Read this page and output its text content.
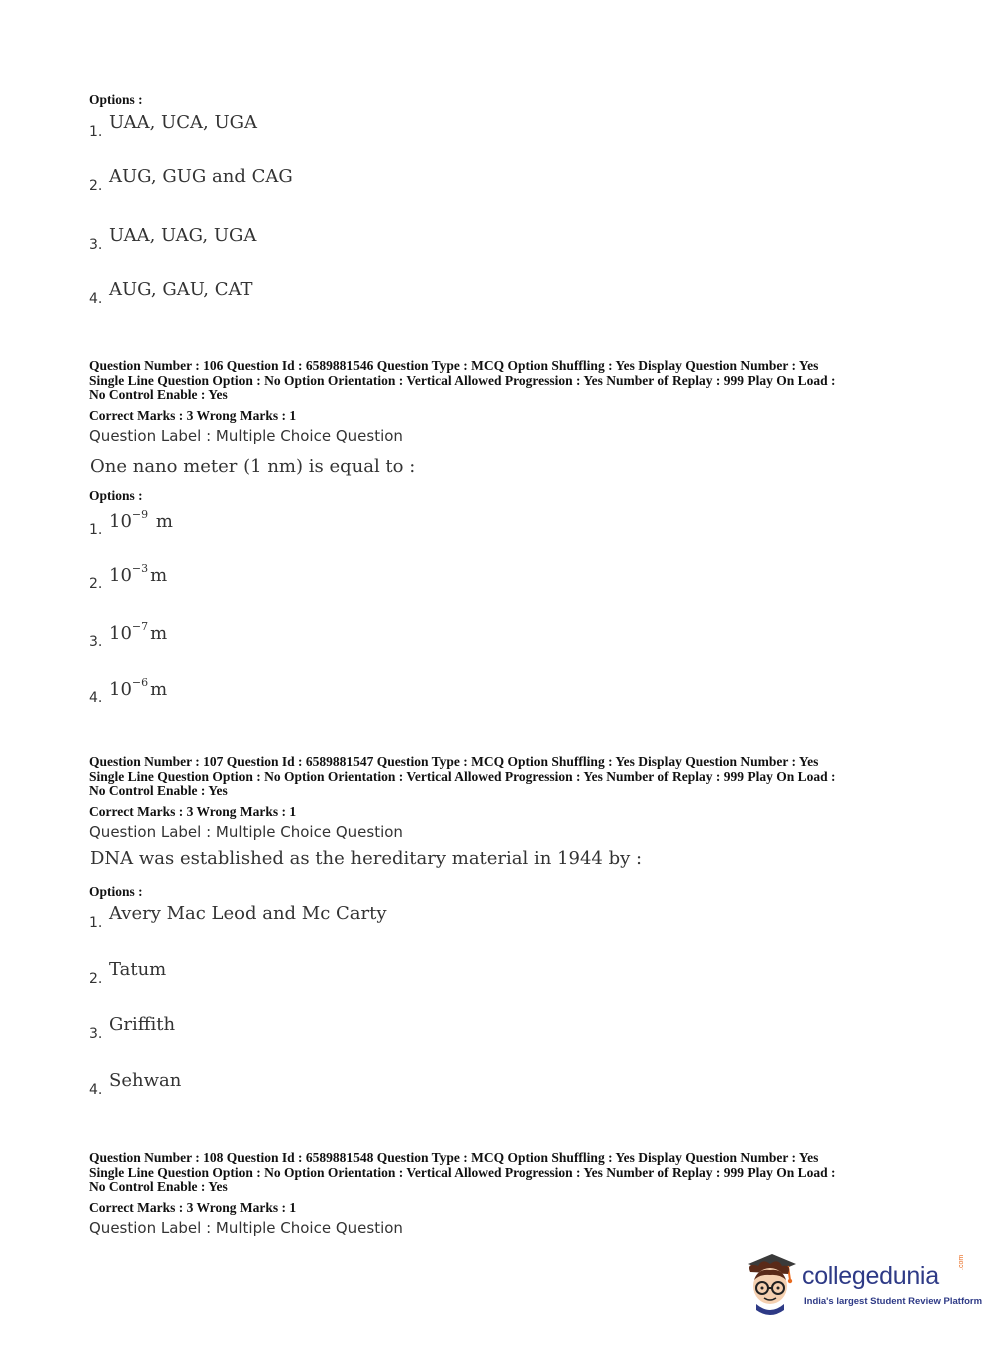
Options :
1. UAA, UCA, UGA
2. AUG, GUG and CAG
3. UAA, UAG, UGA
4. AUG, GAU, CAT
Question Number : 106 Question Id : 6589881546 Question Type : MCQ Option Shuffling : Yes Display Question Number : Yes
Single Line Question Option : No Option Orientation : Vertical Allowed Progression : Yes Number of Replay : 999 Play On Load :
No Control Enable : Yes
Correct Marks : 3 Wrong Marks : 1
Question Label : Multiple Choice Question
One nano meter (1 nm) is equal to :
Options :
1. $10^{-9}$ m
2. $10^{-3}$ m
3. $10^{-7}$ m
4. $10^{-6}$ m
Question Number : 107 Question Id : 6589881547 Question Type : MCQ Option Shuffling : Yes Display Question Number : Yes
Single Line Question Option : No Option Orientation : Vertical Allowed Progression : Yes Number of Replay : 999 Play On Load :
No Control Enable : Yes
Correct Marks : 3 Wrong Marks : 1
Question Label : Multiple Choice Question
DNA was established as the hereditary material in 1944 by :
Options :
1. Avery Mac Leod and Mc Carty
2. Tatum
3. Griffith
4. Sehwan
Question Number : 108 Question Id : 6589881548 Question Type : MCQ Option Shuffling : Yes Display Question Number : Yes
Single Line Question Option : No Option Orientation : Vertical Allowed Progression : Yes Number of Replay : 999 Play On Load :
No Control Enable : Yes
Correct Marks : 3 Wrong Marks : 1
Question Label : Multiple Choice Question
collegedunia	.com
India's largest Student Review Platform
